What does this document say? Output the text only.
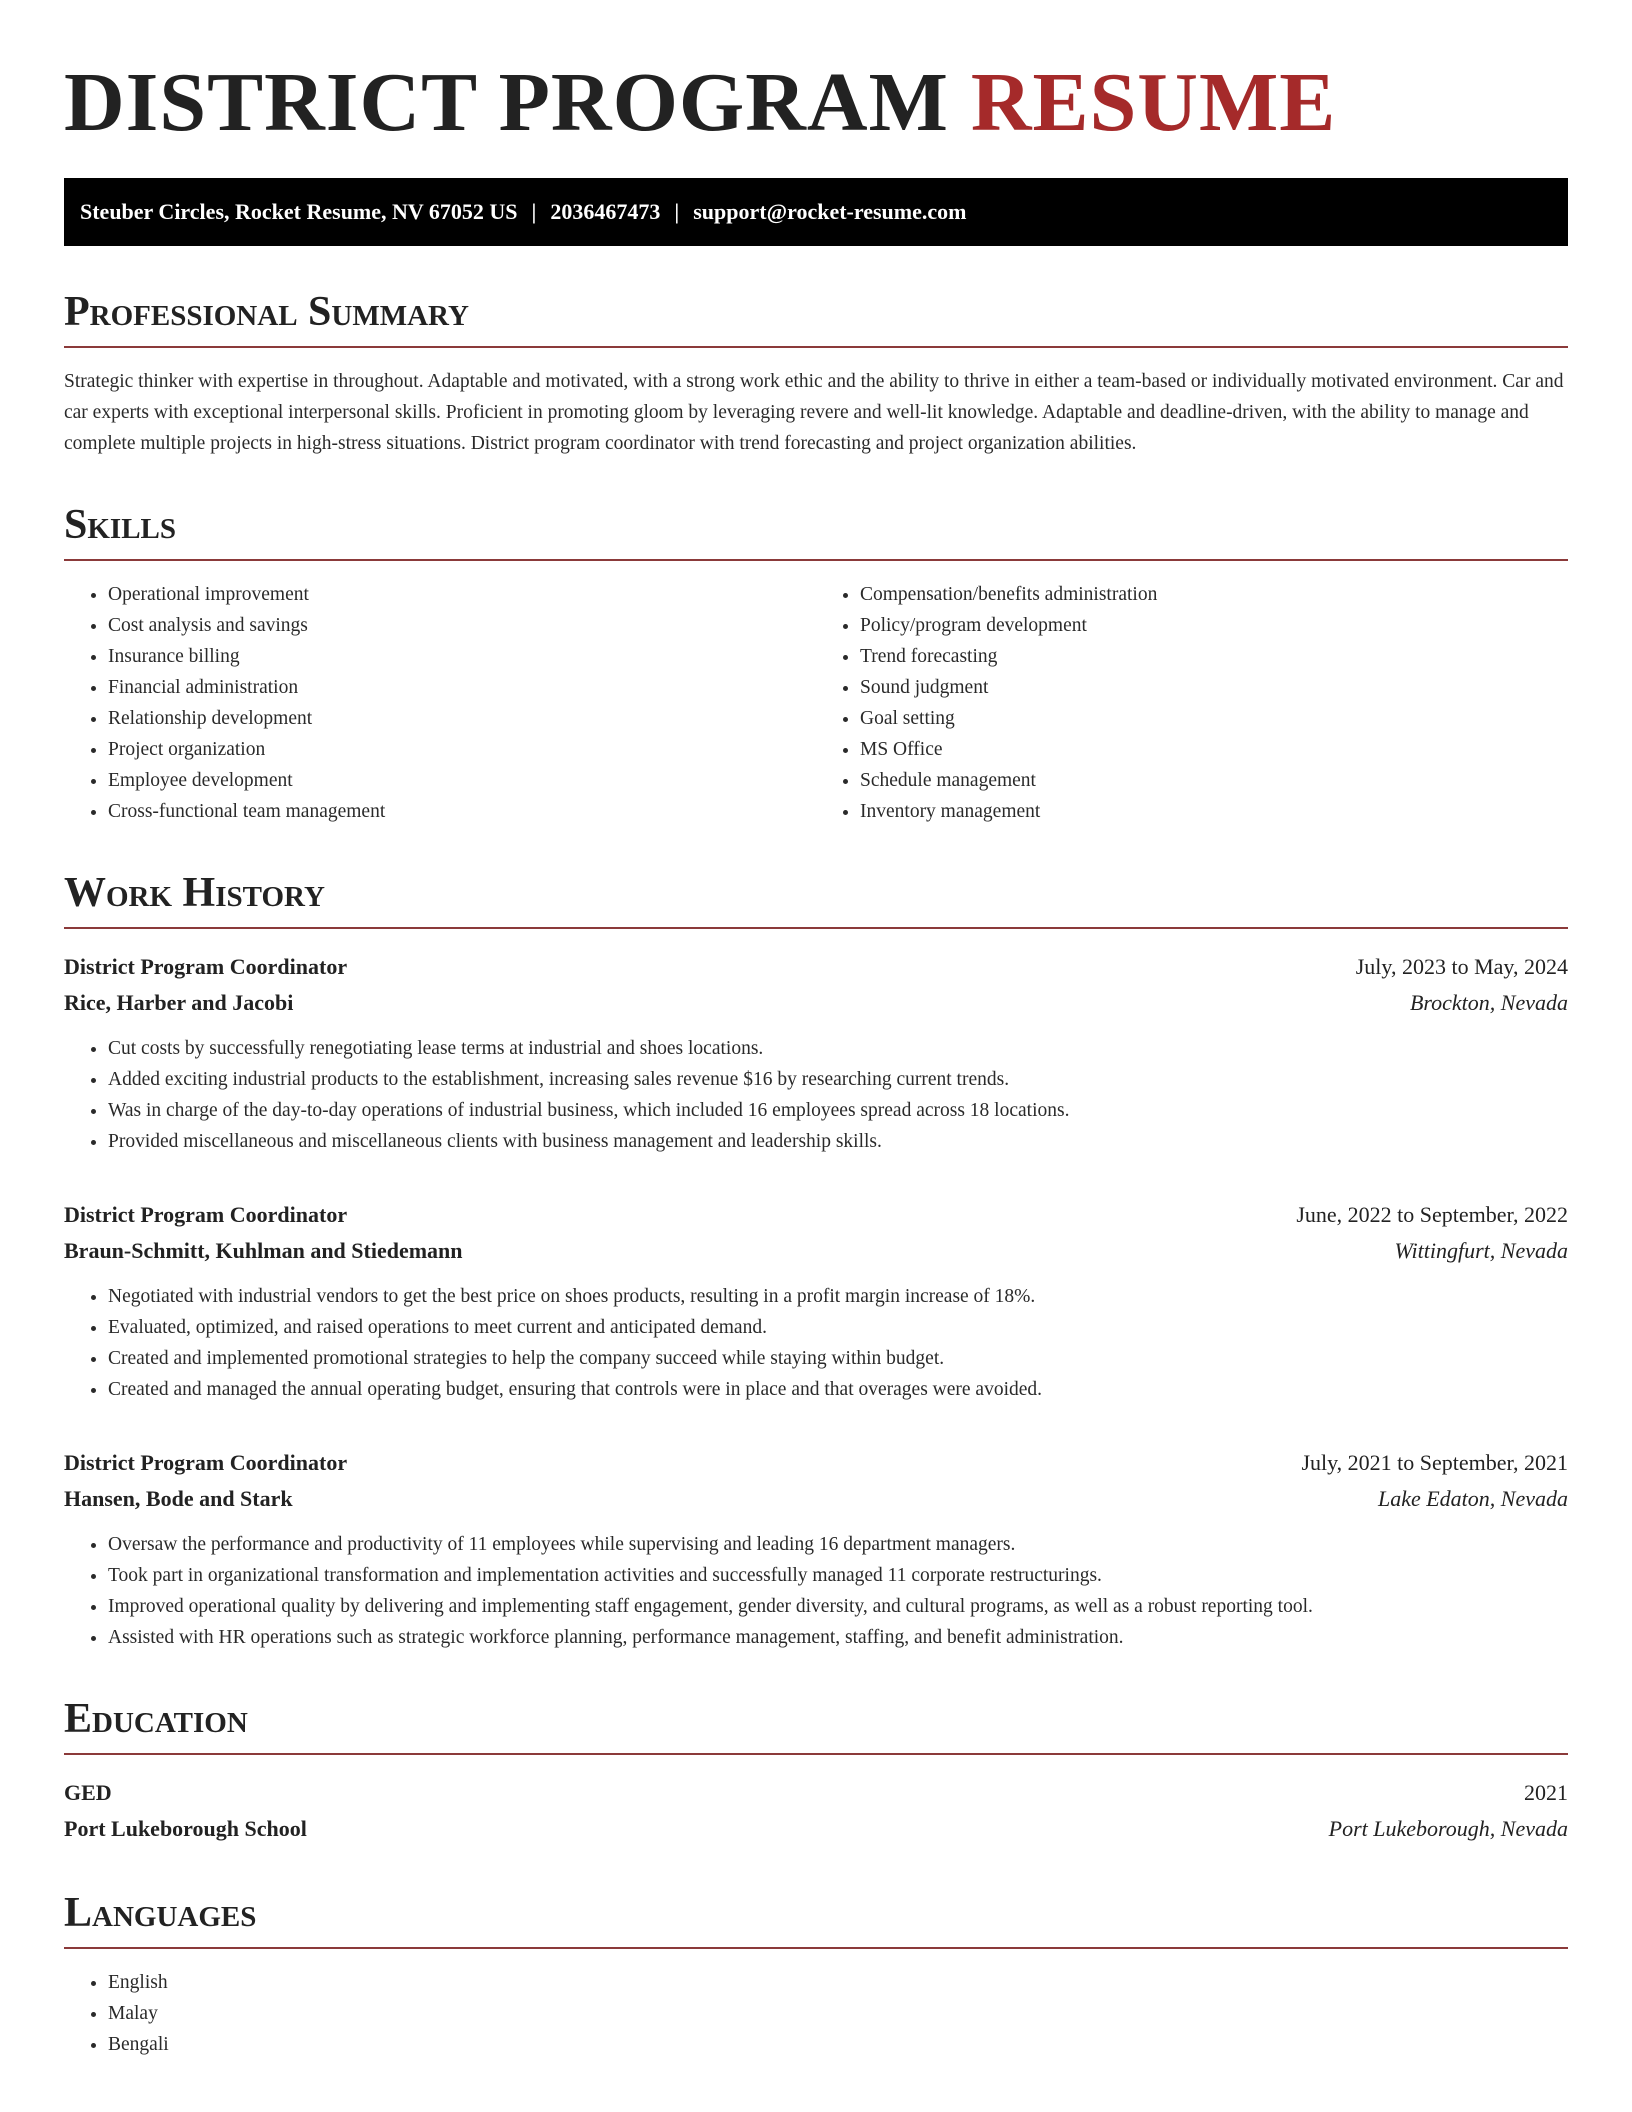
DISTRICT PROGRAM RESUME
Steuber Circles, Rocket Resume, NV 67052 US | 2036467473 | support@rocket-resume.com
Professional Summary

Strategic thinker with expertise in throughout. Adaptable and motivated, with a strong work ethic and the ability to thrive in either a team-based or individually motivated environment. Car and car experts with exceptional interpersonal skills. Proficient in promoting gloom by leveraging revere and well-lit knowledge. Adaptable and deadline-driven, with the ability to manage and complete multiple projects in high-stress situations. District program coordinator with trend forecasting and project organization abilities.

Skills
• Operational improvement
• Cost analysis and savings
• Insurance billing
• Financial administration
• Relationship development
• Project organization
• Employee development
• Cross-functional team management
• Compensation/benefits administration
• Policy/program development
• Trend forecasting
• Sound judgment
• Goal setting
• MS Office
• Schedule management
• Inventory management
Work History
District Program Coordinator	July, 2023 to May, 2024
Rice, Harber and Jacobi	Brockton, Nevada
• Cut costs by successfully renegotiating lease terms at industrial and shoes locations.
• Added exciting industrial products to the establishment, increasing sales revenue $16 by researching current trends.
• Was in charge of the day-to-day operations of industrial business, which included 16 employees spread across 18 locations.
• Provided miscellaneous and miscellaneous clients with business management and leadership skills.
District Program Coordinator	June, 2022 to September, 2022
Braun-Schmitt, Kuhlman and Stiedemann	Wittingfurt, Nevada
• Negotiated with industrial vendors to get the best price on shoes products, resulting in a profit margin increase of 18%.
• Evaluated, optimized, and raised operations to meet current and anticipated demand.
• Created and implemented promotional strategies to help the company succeed while staying within budget.
• Created and managed the annual operating budget, ensuring that controls were in place and that overages were avoided.
District Program Coordinator	July, 2021 to September, 2021
Hansen, Bode and Stark	Lake Edaton, Nevada
• Oversaw the performance and productivity of 11 employees while supervising and leading 16 department managers.
• Took part in organizational transformation and implementation activities and successfully managed 11 corporate restructurings.
• Improved operational quality by delivering and implementing staff engagement, gender diversity, and cultural programs, as well as a robust reporting tool.
• Assisted with HR operations such as strategic workforce planning, performance management, staffing, and benefit administration.
Education
GED	2021
Port Lukeborough School	Port Lukeborough, Nevada
Languages
• English
• Malay
• Bengali
